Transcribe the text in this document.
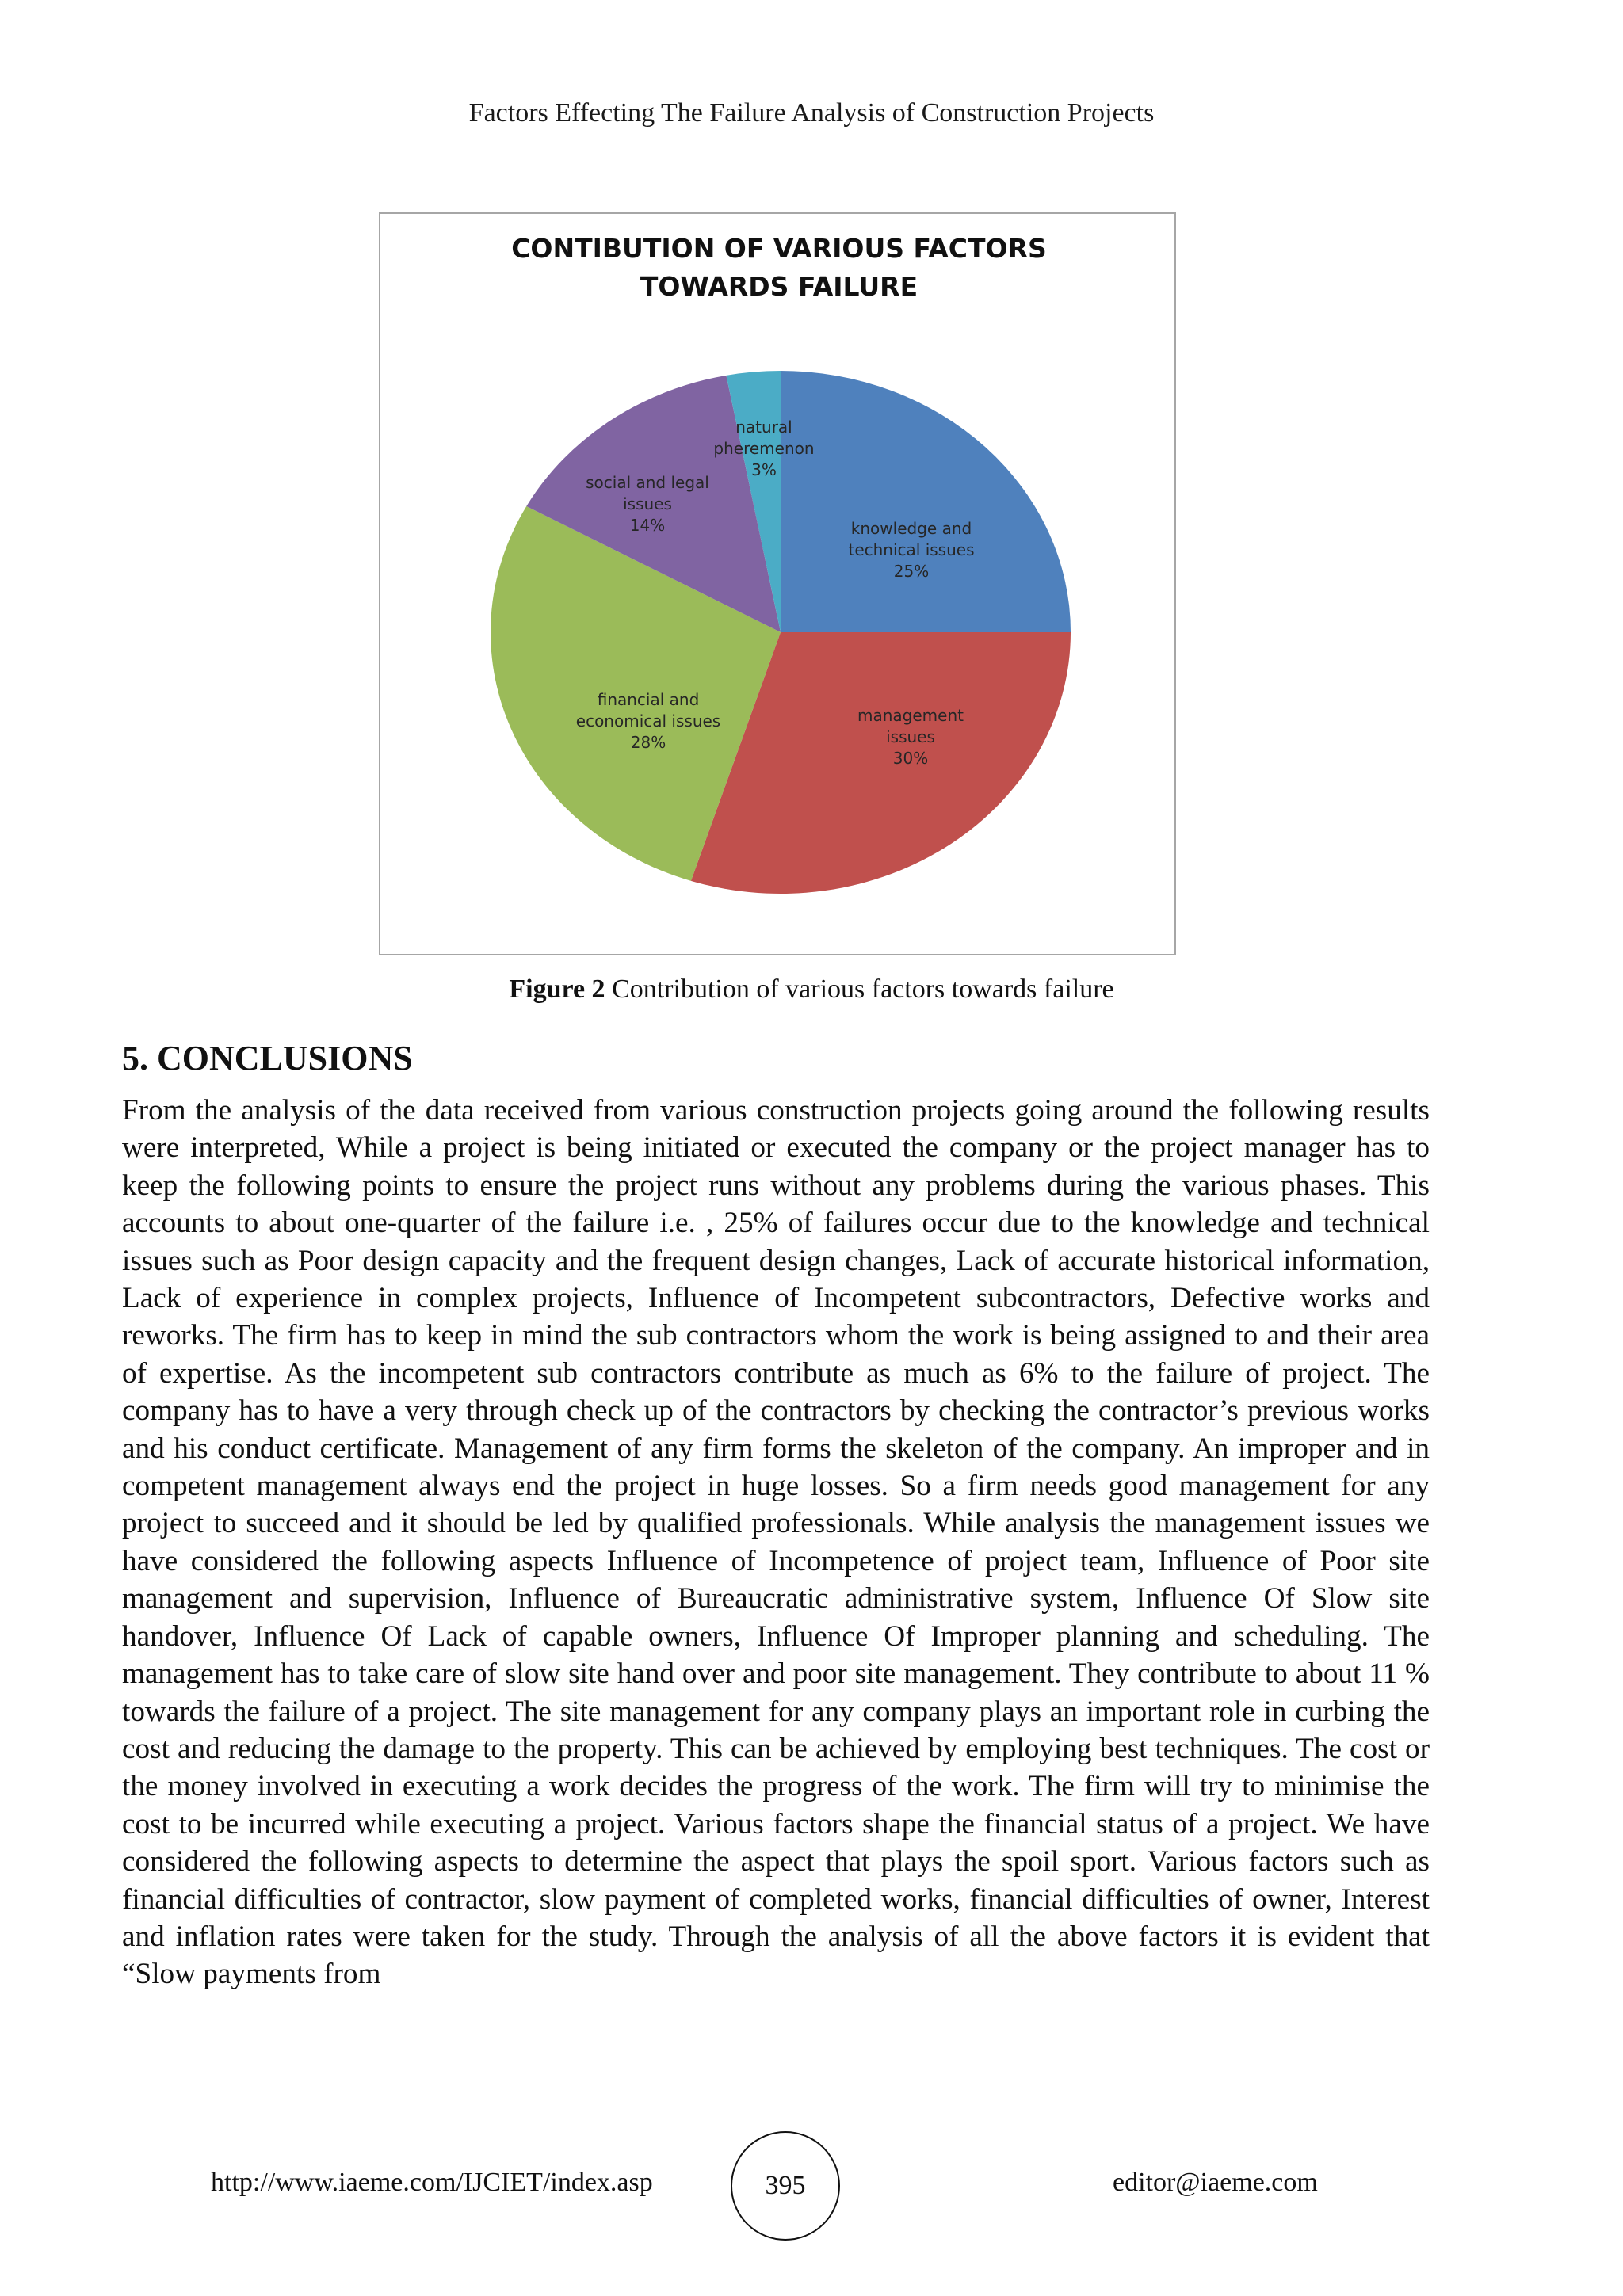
Factors Effecting The Failure Analysis of Construction Projects
CONTIBUTION OF VARIOUS FACTORS
TOWARDS FAILURE
knowledge and
technical issues
25%
management
issues
30%
financial and
economical issues
28%
social and legal
issues
14%
natural
pheremenon
3%
Figure 2 Contribution of various factors towards failure
5. CONCLUSIONS

From the analysis of the data received from various construction projects going around the following results were interpreted, While a project is being initiated or executed the company or the project manager has to keep the following points to ensure the project runs without any problems during the various phases. This accounts to about one-quarter of the failure i.e. , 25% of failures occur due to the knowledge and technical issues such as Poor design capacity and the frequent design changes, Lack of accurate historical information, Lack of experience in complex projects, Influence of Incompetent subcontractors, Defective works and reworks. The firm has to keep in mind the sub contractors whom the work is being assigned to and their area of expertise. As the incompetent sub contractors contribute as much as 6% to the failure of project. The company has to have a very through check up of the contractors by checking the contractor’s previous works and his conduct certificate. Management of any firm forms the skeleton of the company. An improper and in competent management always end the project in huge losses. So a firm needs good management for any project to succeed and it should be led by qualified professionals. While analysis the management issues we have considered the following aspects Influence of Incompetence of project team, Influence of Poor site management and supervision, Influence of Bureaucratic administrative system, Influence Of Slow site handover, Influence Of Lack of capable owners, Influence Of Improper planning and scheduling. The management has to take care of slow site hand over and poor site management. They contribute to about 11 % towards the failure of a project. The site management for any company plays an important role in curbing the cost and reducing the damage to the property. This can be achieved by employing best techniques. The cost or the money involved in executing a work decides the progress of the work. The firm will try to minimise the cost to be incurred while executing a project. Various factors shape the financial status of a project. We have considered the following aspects to determine the aspect that plays the spoil sport. Various factors such as financial difficulties of contractor, slow payment of completed works, financial difficulties of owner, Interest and inflation rates were taken for the study. Through the analysis of all the above factors it is evident that “Slow payments from

http://www.iaeme.com/IJCIET/index.asp	395	editor@iaeme.com
